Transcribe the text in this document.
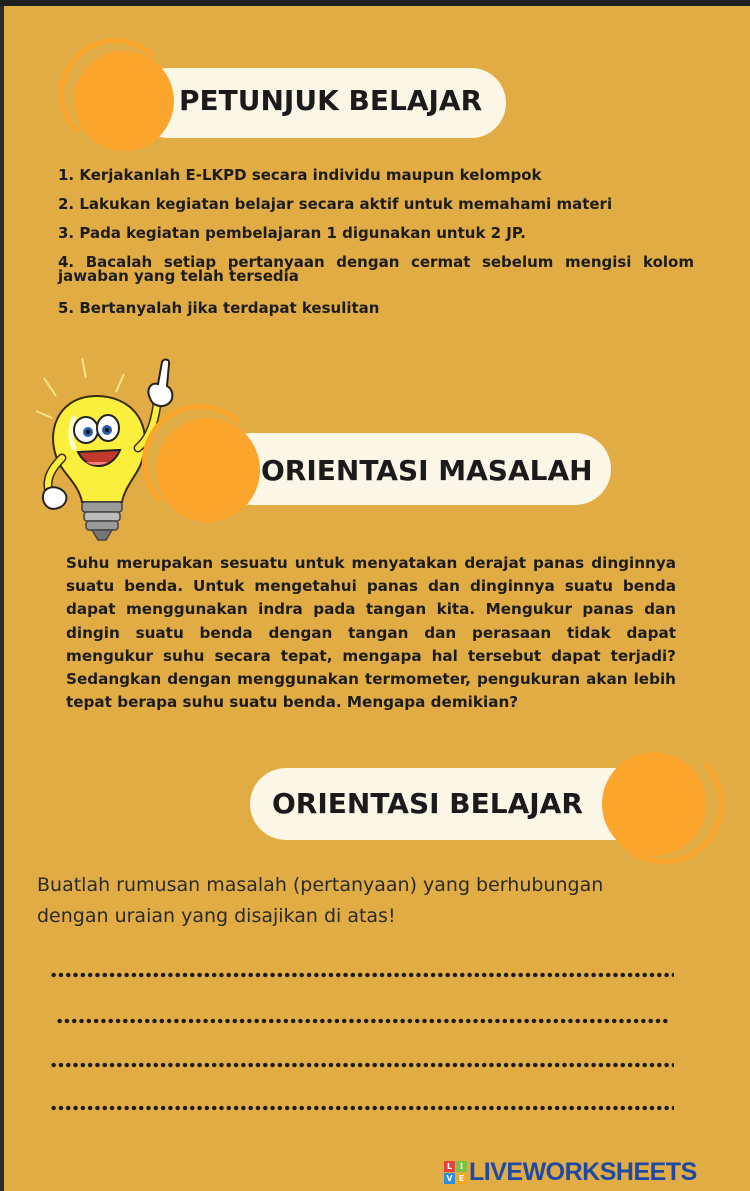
PETUNJUK BELAJAR
1. Kerjakanlah E-LKPD secara individu maupun kelompok
2. Lakukan kegiatan belajar secara aktif untuk memahami materi
3. Pada kegiatan pembelajaran 1 digunakan untuk 2 JP.
4. Bacalah setiap pertanyaan dengan cermat sebelum mengisi kolom jawaban yang telah tersedia
5. Bertanyalah jika terdapat kesulitan
ORIENTASI MASALAH
Suhu merupakan sesuatu untuk menyatakan derajat panas dinginnya suatu benda. Untuk mengetahui panas dan dinginnya suatu benda dapat menggunakan indra pada tangan kita. Mengukur panas dan dingin suatu benda dengan tangan dan perasaan tidak dapat mengukur suhu secara tepat, mengapa hal tersebut dapat terjadi? Sedangkan dengan menggunakan termometer, pengukuran akan lebih tepat berapa suhu suatu benda. Mengapa demikian?
ORIENTASI BELAJAR
Buatlah rumusan masalah (pertanyaan) yang berhubungan dengan uraian yang disajikan di atas!
L I
V E LIVEWORKSHEETS
